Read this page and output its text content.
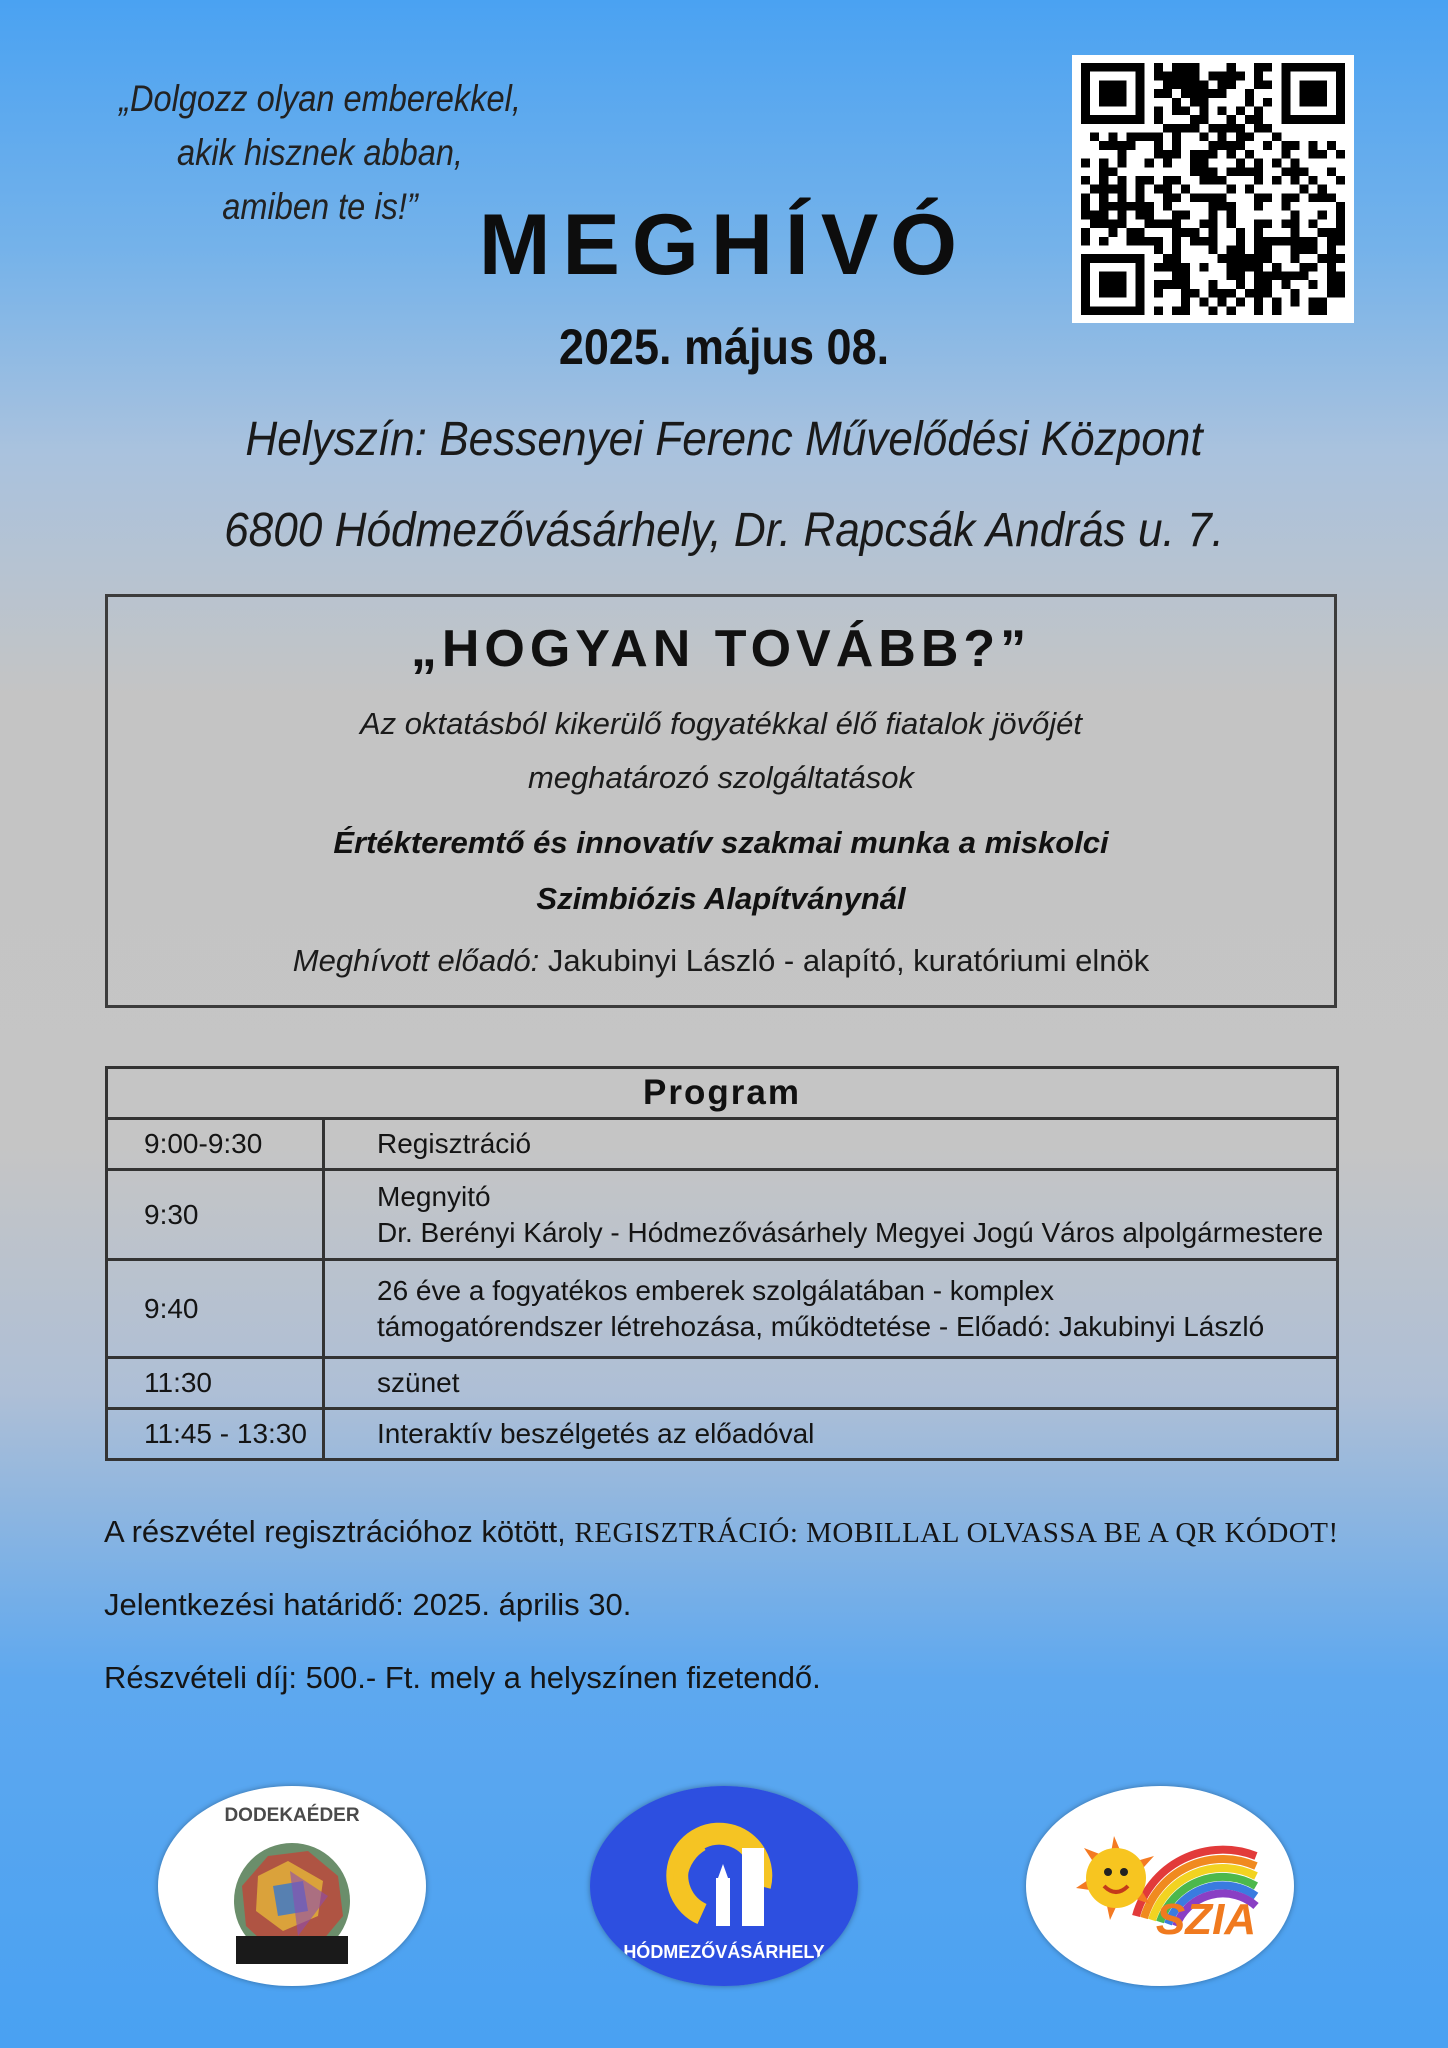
„Dolgozz olyan emberekkel,
akik hisznek abban,
amiben te is!” MEGHÍVÓ
2025. május 08.
Helyszín: Bessenyei Ferenc Művelődési Központ
6800 Hódmezővásárhely, Dr. Rapcsák András u. 7.
„HOGYAN TOVÁBB?”
Az oktatásból kikerülő fogyatékkal élő fiatalok jövőjét meghatározó szolgáltatások
Értékteremtő és innovatív szakmai munka a miskolci
Szimbiózis Alapítványnál
Meghívott előadó: Jakubinyi László - alapító, kuratóriumi elnök
Program	
9:00-9:30	Regisztráció

9:30	Megnyitó
Dr. Berényi Károly - Hódmezővásárhely Megyei Jogú Város alpolgármestere

9:40	26 éve a fogyatékos emberek szolgálatában - komplex
támogatórendszer létrehozása, működtetése - Előadó: Jakubinyi László

11:30	szünet

11:45 - 13:30	Interaktív beszélgetés az előadóval
A részvétel regisztrációhoz kötött, REGISZTRÁCIÓ: MOBILLAL OLVASSA BE A QR KÓDOT!
Jelentkezési határidő: 2025. április 30.
Részvételi díj: 500.- Ft. mely a helyszínen fizetendő.
DODEKAÉDER
HÓDMEZŐVÁSÁRHELY
SZIA
